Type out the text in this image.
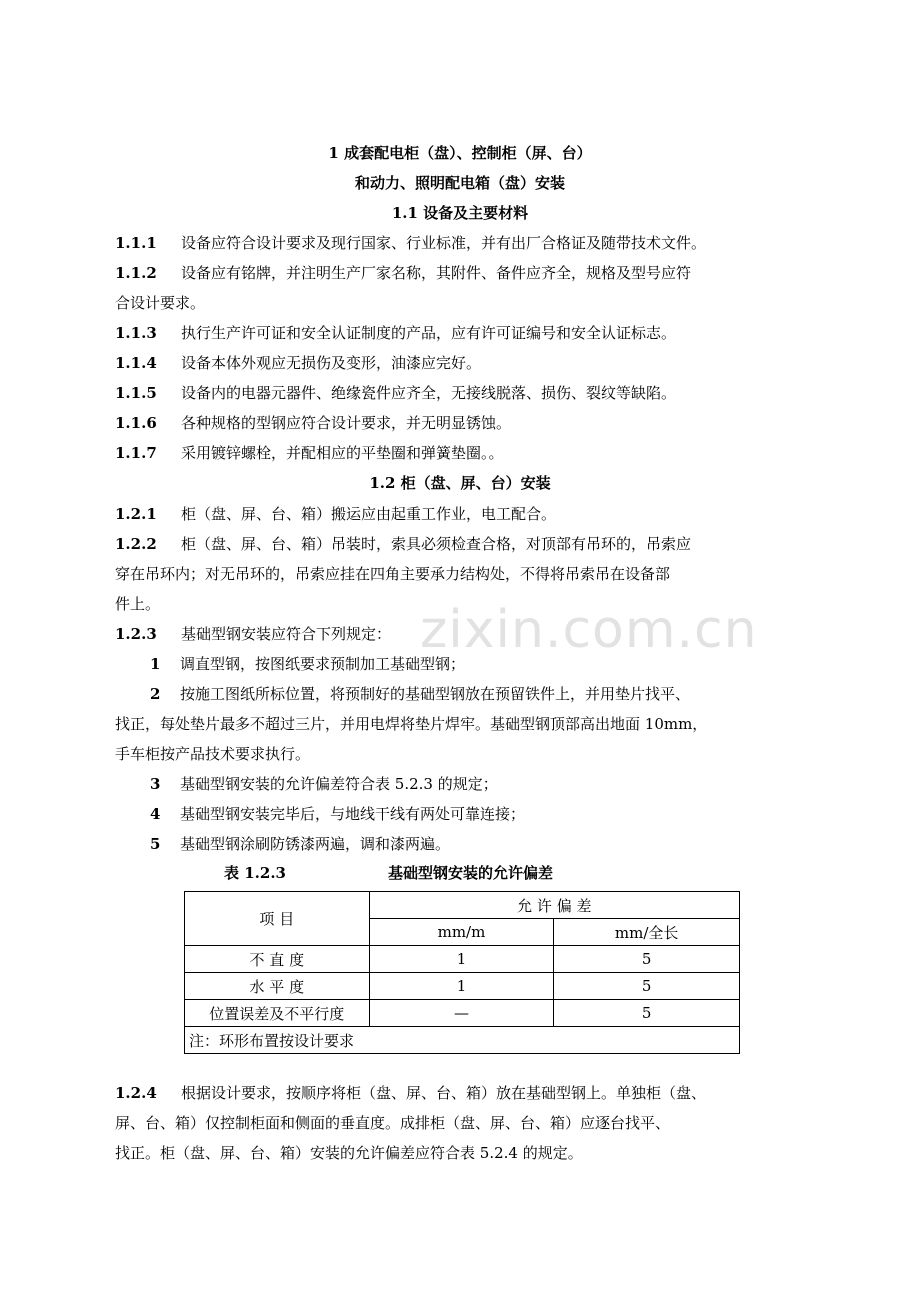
zixin.com.cn
1 成套配电柜（盘）、控制柜（屏、台）
和动力、照明配电箱（盘）安装
1.1 设备及主要材料
1.1.1 设备应符合设计要求及现行国家、行业标准，并有出厂合格证及随带技术文件。
1.1.2 设备应有铭牌，并注明生产厂家名称，其附件、备件应齐全，规格及型号应符
合设计要求。
1.1.3 执行生产许可证和安全认证制度的产品，应有许可证编号和安全认证标志。
1.1.4 设备本体外观应无损伤及变形，油漆应完好。
1.1.5 设备内的电器元器件、绝缘瓷件应齐全，无接线脱落、损伤、裂纹等缺陷。
1.1.6 各种规格的型钢应符合设计要求，并无明显锈蚀。
1.1.7 采用镀锌螺栓，并配相应的平垫圈和弹簧垫圈。。
1.2 柜（盘、屏、台）安装
1.2.1 柜（盘、屏、台、箱）搬运应由起重工作业，电工配合。
1.2.2 柜（盘、屏、台、箱）吊装时，索具必须检查合格，对顶部有吊环的，吊索应
穿在吊环内；对无吊环的，吊索应挂在四角主要承力结构处，不得将吊索吊在设备部
件上。
1.2.3 基础型钢安装应符合下列规定：
1 调直型钢，按图纸要求预制加工基础型钢；
2 按施工图纸所标位置，将预制好的基础型钢放在预留铁件上，并用垫片找平、
找正，每处垫片最多不超过三片，并用电焊将垫片焊牢。基础型钢顶部高出地面 10mm，
手车柜按产品技术要求执行。
3 基础型钢安装的允许偏差符合表 5.2.3 的规定；
4 基础型钢安装完毕后，与地线干线有两处可靠连接；
5 基础型钢涂刷防锈漆两遍，调和漆两遍。
表 1.2.3	基础型钢安装的允许偏差
项 目	允 许 偏 差	
	mm/m	mm/全长
不 直 度	1	5
水 平 度	1	5
位置误差及不平行度	—	5
注：环形布置按设计要求		
1.2.4 根据设计要求，按顺序将柜（盘、屏、台、箱）放在基础型钢上。单独柜（盘、
屏、台、箱）仅控制柜面和侧面的垂直度。成排柜（盘、屏、台、箱）应逐台找平、
找正。柜（盘、屏、台、箱）安装的允许偏差应符合表 5.2.4 的规定。
